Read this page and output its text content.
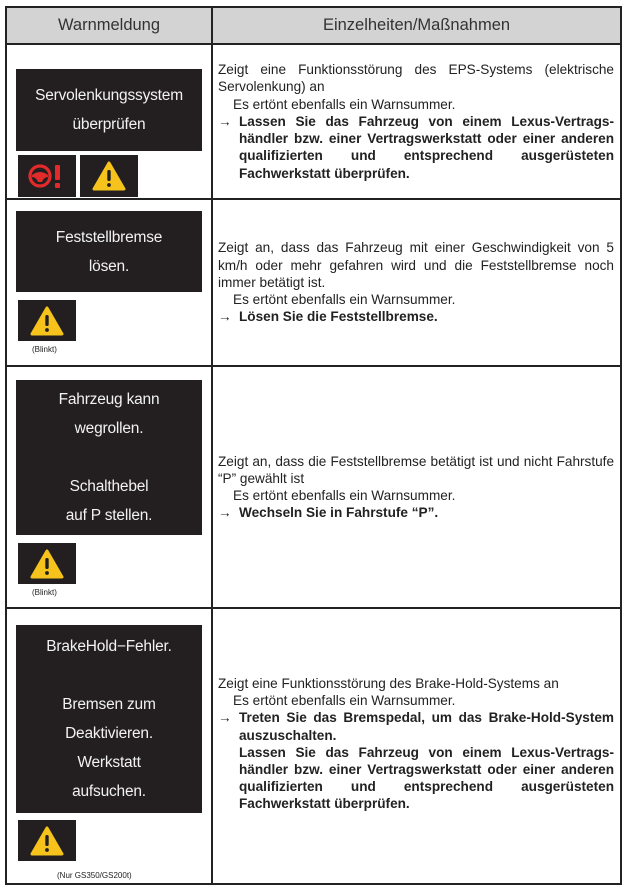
Warnmeldung	Einzelheiten/Maßnahmen
Servolenkungssystem
überprüfen

Zeigt eine Funktionsstörung des EPS-Systems (elektrische Servolenkung) an

Es ertönt ebenfalls ein Warnsummer.

→ Lassen Sie das Fahrzeug von einem Lexus-Vertrags-händler bzw. einer Vertragswerkstatt oder einer anderen qualifizierten und entsprechend ausgerüsteten Fachwerkstatt überprüfen.
Feststellbremse
lösen.
(Blinkt)

Zeigt an, dass das Fahrzeug mit einer Geschwindigkeit von 5 km/h oder mehr gefahren wird und die Feststellbremse noch immer betätigt ist.

Es ertönt ebenfalls ein Warnsummer.

→ Lösen Sie die Feststellbremse.
Fahrzeug kann
wegrollen.
Schalthebel
auf P stellen.
(Blinkt)

Zeigt an, dass die Feststellbremse betätigt ist und nicht Fahrstufe “P” gewählt ist

Es ertönt ebenfalls ein Warnsummer.

→ Wechseln Sie in Fahrstufe “P”.
BrakeHold−Fehler.
Bremsen zum
Deaktivieren.
Werkstatt
aufsuchen.
(Nur GS350/GS200t)

Zeigt eine Funktionsstörung des Brake-Hold-Systems an

Es ertönt ebenfalls ein Warnsummer.

→ Treten Sie das Bremspedal, um das Brake-Hold-System auszuschalten.
Lassen Sie das Fahrzeug von einem Lexus-Vertrags-händler bzw. einer Vertragswerkstatt oder einer anderen qualifizierten und entsprechend ausgerüsteten Fachwerkstatt überprüfen.
